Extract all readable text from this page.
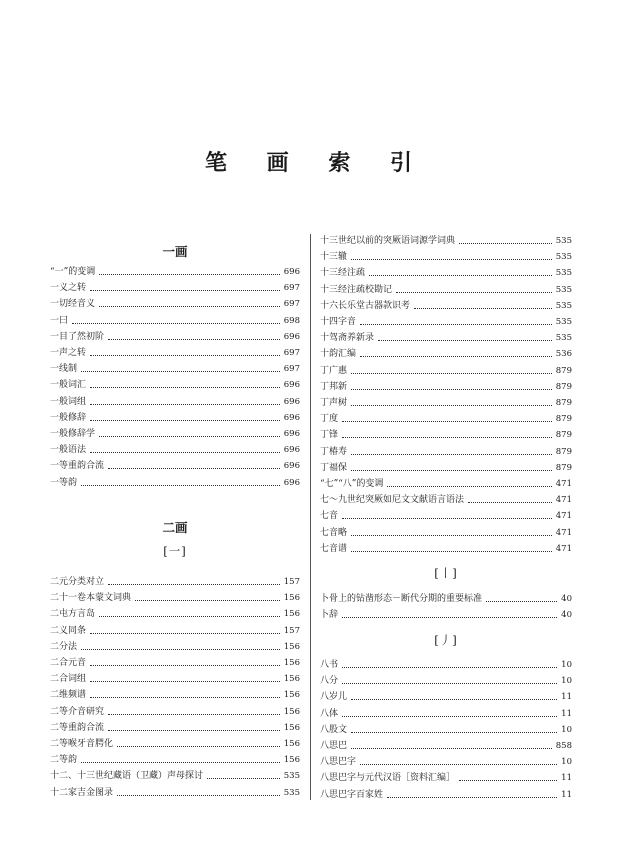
笔 画 索 引
一画
“一”的变调	696
一义之转	697
一切经音义	697
一曰	698
一目了然初阶	696
一声之转	697
一线制	697
一般词汇	696
一般词组	696
一般修辞	696
一般修辞学	696
一般语法	696
一等重韵合流	696
一等韵	696
二画
[一]
二元分类对立	157
二十一卷本蒙文词典	156
二屯方言岛	156
二义同条	157
二分法	156
二合元音	156
二合词组	156
二维频谱	156
二等介音研究	156
二等重韵合流	156
二等喉牙音腭化	156
二等韵	156
十二、十三世纪藏语（卫藏）声母探讨	535
十二家吉金图录	535
十三世纪以前的突厥语词源学词典	535
十三辙	535
十三经注疏	535
十三经注疏校勘记	535
十六长乐堂古器款识考	535
十四字音	535
十驾斋养新录	535
十韵汇编	536
丁广惠	879
丁邦新	879
丁声树	879
丁度	879
丁锋	879
丁椿寿	879
丁福保	879
“七”“八”的变调	471
七～九世纪突厥如尼文文献语言语法	471
七音	471
七音略	471
七音谱	471
[丨]
卜骨上的钻凿形态－断代分期的重要标准	40
卜辞	40
[丿]
八书	10
八分	10
八岁儿	11
八体	11
八股文	10
八思巴	858
八思巴字	10
八思巴字与元代汉语［资料汇编］	11
八思巴字百家姓	11
